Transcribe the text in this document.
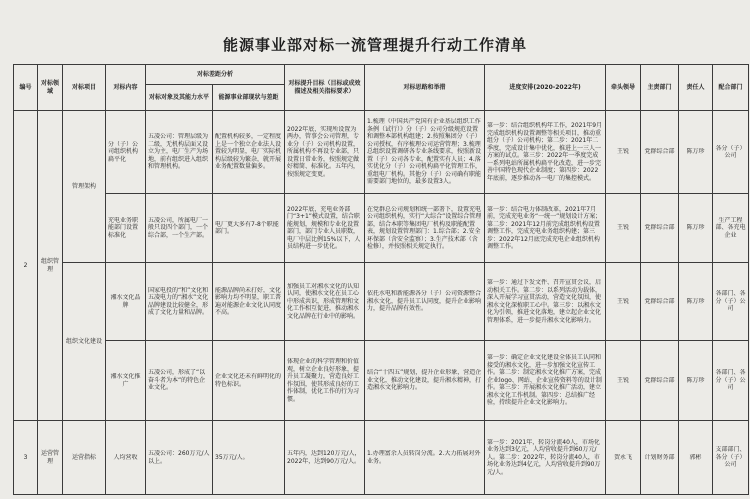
能源事业部对标一流管理提升行动工作清单
编号	对标领域	对标项目	对标内容	对标差距分析		对标提升目标（目标或成效描述及相关指标要求）	对标思路和举措	进度安排(2020-2022年)	牵头领导	主责部门	责任人	配合部门
				对标对象及其能力水平	能源事业部现状与差距							
2	组织管理	管理架构	分（子）公司组织机构扁平化	五凌公司：管理层级为二级，无机构层面又设立为主，电厂生产为场地，前有组织进入组织和管理机构。	配置机构较多，一定程度上是一个独立企业法人设置较为明显，电厂实际机构层级较为繁杂，就开展业务配置数量偏多。	2022年底，实现所设置为两办，管事会公司管理，专业分（子）公司机构设置，所属机构不再设专业部，只设置日常业务，按照规定做好精简、标准化。五年内，按照规定变更。	1.梳理《中国共产党国有企业基层组织工作条例（试行）》分（子）公司分级规范设置和调整本部机构组建；2.按照集团分（子）公司授权，有序梳理公司运营管理；3.梳理总组织设置调研各专业条线要求，按照新设置（子）公司各专业，配置实有人员；4.落实优化分（子）公司机构扁平化管理工作，重组电厂机构。其他分（子）公司确有职能需要部门地位的，最多设置3人。	第一步：结合组织机构年工作，2021年9月完成组织机构设置调整等相关项目，推动重组分（子）公司机构；第二步：2021年二季度，完成设计集中优化，推进上一三人一方案的试点。第三步：2022年一季度完成一系列电站所属机构扁平化改造，进一步完善中国特色现代企业制度；第四步：2022年底前，逐步推动各一电厂的集控模式。	王锐	党群综合部	陈万珍	各分（子）公司

			充电业务职能部门设置标准化	五凌公司，所属电厂一般只设四个部门，一个综合部，一个生产部。	电厂更大多有7-8个职能部门。	2022年底，充电业务部门“3+1”模式设置，结合职能规划，规模和专业化设置部门，部门专业人员职数，电厂中层比例15%以下，人员结构进一步优化。	在党群总公司规划和统一部署下，设置充电公司组织机构，实行“大综合”设置综合管理部，结合本职等集团电厂机构及职能配置表，规划设置管理部门：1.综合部；2.安全环保部（含安全监察）；3.生产技术部（含检修），并按照相关规定执行。	第一步：结合电力体制改革，2021年7月前，完成充电业务“一统一”规划设计方案；第二步：2021年12月前完成组织机构设置调整工作，完成充电业务组织构建；第三步：2022年12月底完成充电企业组织机构调整工作。	王锐	党群综合部	陈万珍	生产工程部、各充电企业

		组织文化建设	湘水文化品牌	国家电投的“和”文化和五凌电力的“湘水”文化品牌建设比较健全，形成了文化力量和品牌。	能源品牌尚未打好，文化影响力均不明显，职工普遍对能源企业文化认同度不高。	加强员工对湘水文化的认知认同，使湘水文化在员工心中形成共识，形成管理和文化工作相互促进，推动湘水文化品牌在行业中的影响。	依托水电和新能源各分（子）公司资源整合湘水文化，提升员工认同度，提升企业影响力，提升品牌有效性。	第一步：通过下发文件、召开宣贯会议，启动相关工作。第二步：以系列活动为载体，深入开展学习宣贯活动，营造文化氛围，使湘水文化深植职工心中。第三步：以湘水文化为引领，推进文化落地，建立起企业文化管理体系，进一步提升湘水文化影响力。	王锐	党群综合部	陈万珍	各部门、各分（子）公司

			湘水文化推广	五凌公司，形成了“以奋斗者为本”的特色企业文化。	企业文化还未有鲜明化的特色标识。	体现企业的科学管理和价值观，树立企业良好形象，提升员工凝聚力，营造良好工作氛围，使其形成良好的工作体制，优化工作的行为习惯。	结合“十四五”规划，提升企业形象，营造企业文化，推动文化建设，提升湘水精神，打造湘水文化影响力。	第一步：确定企业文化建设全体员工认同和接受的湘水文化，进一步加强文化宣传工作。第二步：制定湘水文化推广方案，完成企业logo、网站、企业宣传资料等的设计制作。第三步：开展湘水文化推广活动，建立湘水文化工作机制。第四步：总结推广经验，持续提升企业文化影响力。	王锐	党群综合部	陈万珍	各部门、各分（子）公司

3	运营管理	运营指标	人均营收	五凌公司：260万元/人以上。	35万元/人。	五年内，达到120万元/人，2022年，达到90万元/人。	1.办理富余人员转岗分流。2.大力拓展对外业务。	第一步：2021年，转岗分流40人，市场化业务达到3亿元，人均营收提升到60万元/人。第二步：2022年，转岗分流40人，市场化业务达到4亿元，人均营收提升到90万元/人。	贺永飞	计划财务部	郭彬	支部部门、各分（子）公司
